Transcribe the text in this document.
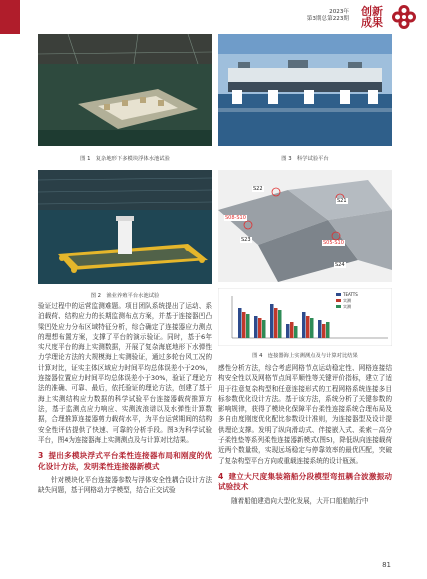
2023年
第3期总第223期
创新成果
图 1　复杂地形下多模块浮体水池试验	图 3　科学试验平台
图 2　渔业养殖平台水池试验
S22
S21
S08-S10
S05-S10
S23
S24
TEATTS
实测
实测
图 4　连接器海上实测测点及与计算对比结果

验证过程中的运营监测难题。项目团队系统提出了运动、系泊载荷、结构应力的长期监测布点方案，并基于连接器凹凸梁凹处应力分布区域特征分析，综合确定了连接器应力测点的理想布置方案，支撑了平台的演示验证。同时，基于6年实尺度平台的海上实测数据，开展了复杂海底地形下水弹性力学理论方法的大规模海上实测验证，通过多轮台风工况的计算对比，证实主体区域应力时间平均总体误差小于20%，连接器位置应力时间平均总体误差小于30%，验证了理论方法的准确、可靠、最后，依托验证的理论方法，创建了基于海上实测结构应力数据的科学试验平台连接器载荷推算方法，基于监测点应力响应、实测波浪谱以及水弹性计算数据，合理推算连接器剪力载荷水平，为平台运营期间的结构安全性评估提供了快速、可靠的分析手段。图3为科学试验平台，图4为连接器海上实测测点及与计算对比结果。

3 提出多模块浮式平台柔性连接器布局和刚度的优化设计方法，发明柔性连接器新模式

针对模块化平台连接器参数与浮体安全性耦合设计方法缺失问题，基于网格动力学模型，结合正交试验

感性分析方法，综合考虑网格节点运动稳定性、网格连接结构安全性以及网格节点间平顺性等关键评价指标，建立了适用于往意复杂构型和任意连接形式的工程网格系统连接多目标参数优化设计方法。基于该方法，系统分析了关键参数的影响规律，获得了模块化保障平台柔性连接系统合理布局及多自由度刚度优化配比参数设计准则，为连接器型及设计提供理论支撑。发明了纵向滑动式、伴接嵌入式、柔索－高分子柔性垫等系列柔性连接器新模式(图5)，降低纵向连接载荷近两个数量级，实现远场稳定与停靠效率的最优匹配，突破了复杂构型平台方向或重载连接系统的设计瓶颈。

4 建立大尺度集装箱船分段模型弯扭耦合波激振动试验技术

随着船舶建造向大型化发展，大开口船舶航行中

81
